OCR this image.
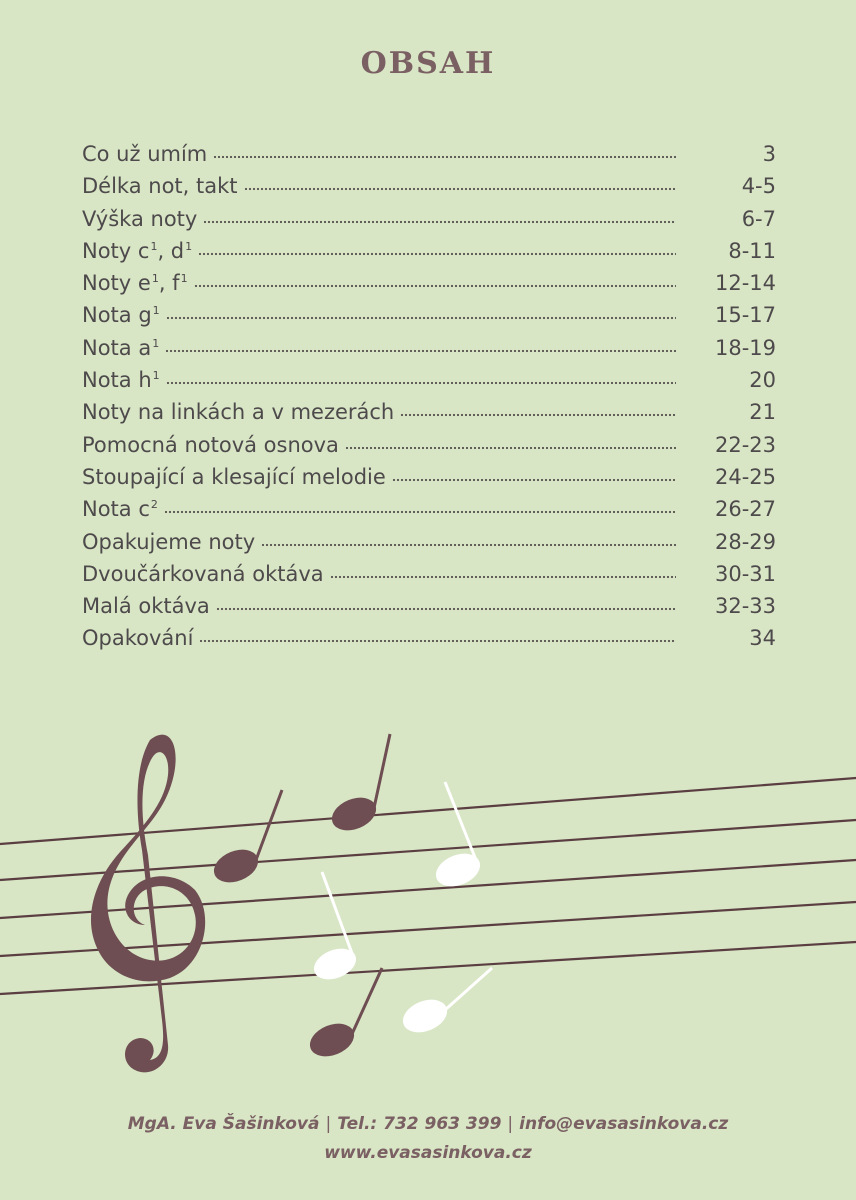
OBSAH
Co už umím	3
Délka not, takt	4-5
Výška noty	6-7
Noty $c^1$, $d^1$	8-11
Noty $e^1$, $f^1$	12-14
Nota $g^1$	15-17
Nota $a^1$	18-19
Nota $h^1$	20
Noty na linkách a v mezerách	21
Pomocná notová osnova	22-23
Stoupající a klesající melodie	24-25
Nota $c^2$	26-27
Opakujeme noty	28-29
Dvoučárkovaná oktáva	30-31
Malá oktáva	32-33
Opakování	34
MgA. Eva Šašinková | Tel.: 732 963 399 | info@evasasinkova.cz
www.evasasinkova.cz
